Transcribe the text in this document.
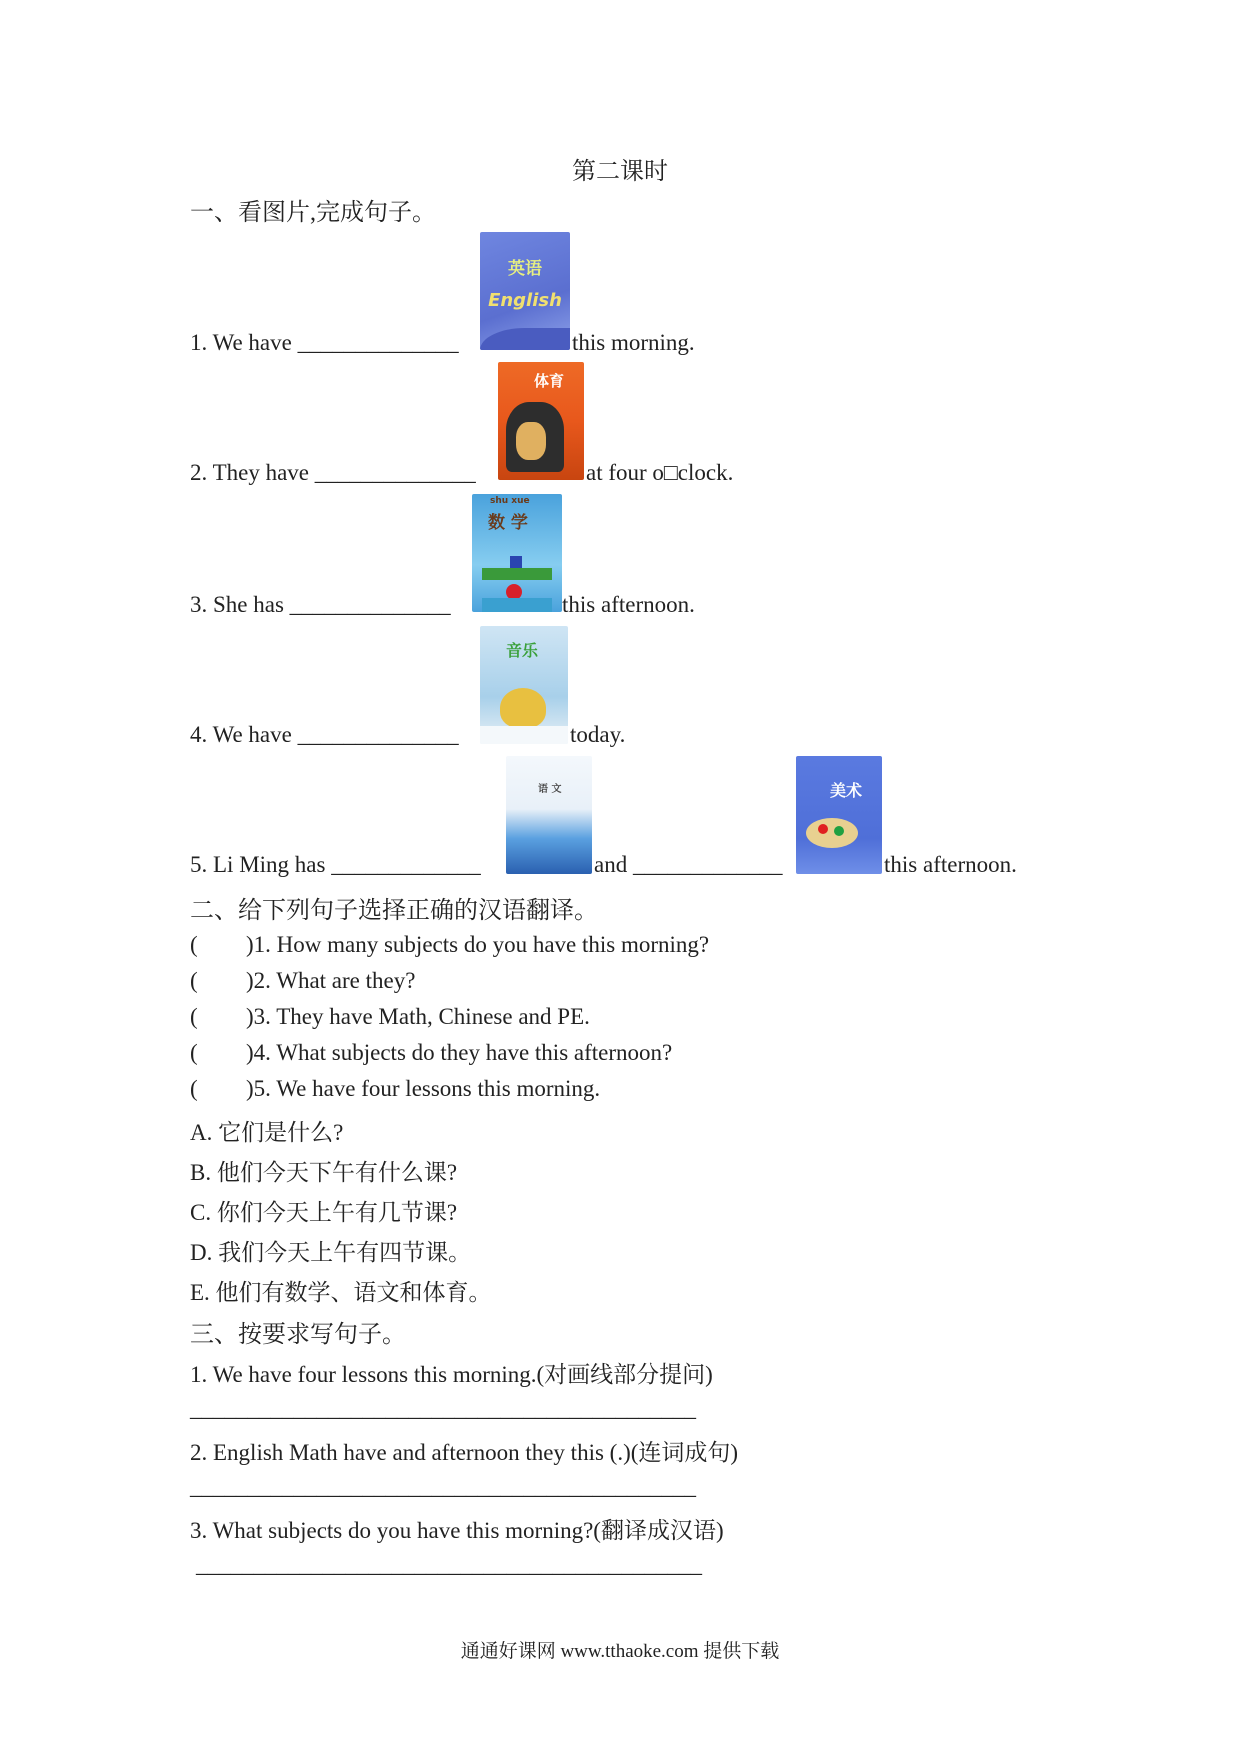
第二课时
一、看图片,完成句子。
英语
English
1. We have ______________	this morning.
体育
2. They have ______________	at four o□clock.
shu xue
数 学
3. She has ______________	this afternoon.
音乐
4. We have ______________	today.
语 文	美术
5. Li Ming has _____________	and _____________	this afternoon.
二、给下列句子选择正确的汉语翻译。
( )1. How many subjects do you have this morning?
( )2. What are they?
( )3. They have Math, Chinese and PE.
( )4. What subjects do they have this afternoon?
( )5. We have four lessons this morning.
A. 它们是什么?
B. 他们今天下午有什么课?
C. 你们今天上午有几节课?
D. 我们今天上午有四节课。
E. 他们有数学、语文和体育。
三、按要求写句子。
1. We have four lessons this morning.(对画线部分提问)
____________________________________________
2. English Math have and afternoon they this (.)(连词成句)
____________________________________________
3. What subjects do you have this morning?(翻译成汉语)
____________________________________________
通通好课网 www.tthaoke.com 提供下载
